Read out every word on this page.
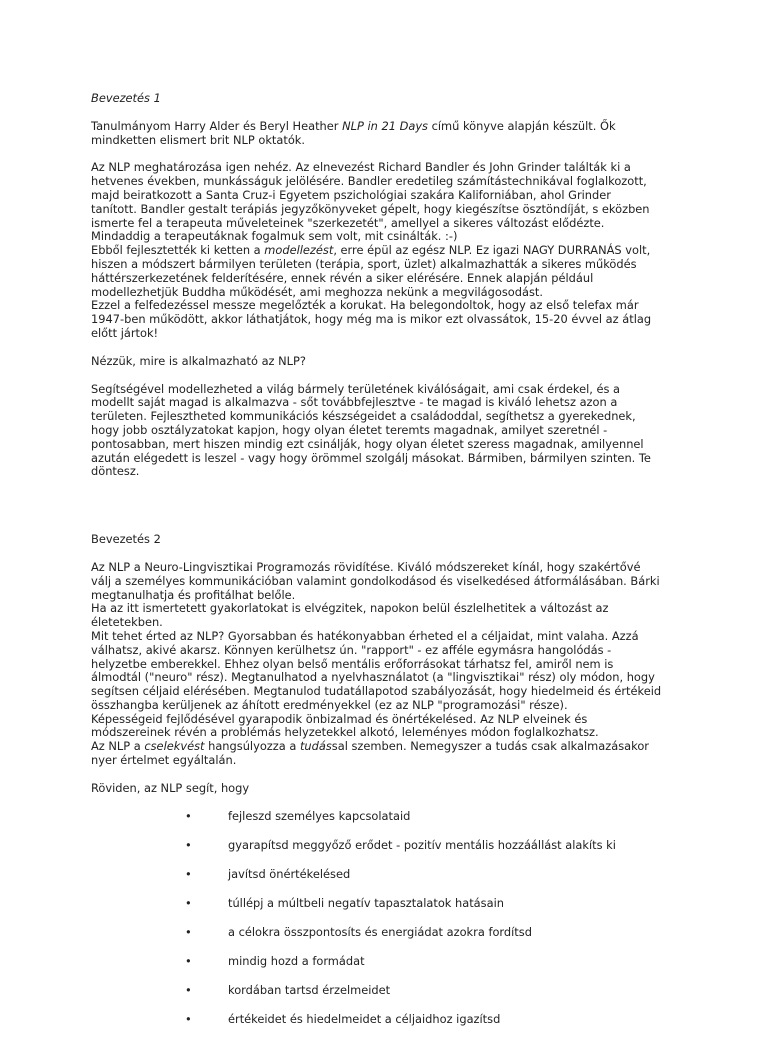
Bevezetés 1

Tanulmányom Harry Alder és Beryl Heather NLP in 21 Days című könyve alapján készült. Ők
mindketten elismert brit NLP oktatók.

Az NLP meghatározása igen nehéz. Az elnevezést Richard Bandler és John Grinder találták ki a
hetvenes években, munkásságuk jelölésére. Bandler eredetileg számítástechnikával foglalkozott,
majd beiratkozott a Santa Cruz-i Egyetem pszichológiai szakára Kaliforniában, ahol Grinder
tanított. Bandler gestalt terápiás jegyzőkönyveket gépelt, hogy kiegészítse ösztöndíját, s eközben
ismerte fel a terapeuta műveleteinek "szerkezetét", amellyel a sikeres változást elődézte.
Mindaddig a terapeutáknak fogalmuk sem volt, mit csinálták. :-)
Ebből fejlesztették ki ketten a modellezést, erre épül az egész NLP. Ez igazi NAGY DURRANÁS volt,
hiszen a módszert bármilyen területen (terápia, sport, üzlet) alkalmazhatták a sikeres működés
háttérszerkezetének felderítésére, ennek révén a siker elérésére. Ennek alapján például
modellezhetjük Buddha működését, ami meghozza nekünk a megvilágosodást.
Ezzel a felfedezéssel messze megelőzték a korukat. Ha belegondoltok, hogy az első telefax már
1947-ben működött, akkor láthatjátok, hogy még ma is mikor ezt olvassátok, 15-20 évvel az átlag
előtt jártok!

Nézzük, mire is alkalmazható az NLP?

Segítségével modellezheted a világ bármely területének kiválóságait, ami csak érdekel, és a
modellt saját magad is alkalmazva - sőt továbbfejlesztve - te magad is kiváló lehetsz azon a
területen. Fejlesztheted kommunikációs készségeidet a családoddal, segíthetsz a gyerekednek,
hogy jobb osztályzatokat kapjon, hogy olyan életet teremts magadnak, amilyet szeretnél -
pontosabban, mert hiszen mindig ezt csinálják, hogy olyan életet szeress magadnak, amilyennel
azután elégedett is leszel - vagy hogy örömmel szolgálj másokat. Bármiben, bármilyen szinten. Te
döntesz.

Bevezetés 2

Az NLP a Neuro-Lingvisztikai Programozás rövidítése. Kiváló módszereket kínál, hogy szakértővé
válj a személyes kommunikációban valamint gondolkodásod és viselkedésed átformálásában. Bárki
megtanulhatja és profitálhat belőle.
Ha az itt ismertetett gyakorlatokat is elvégzitek, napokon belül észlelhetitek a változást az
életetekben.
Mit tehet érted az NLP? Gyorsabban és hatékonyabban érheted el a céljaidat, mint valaha. Azzá
válhatsz, akivé akarsz. Könnyen kerülhetsz ún. "rapport" - ez afféle egymásra hangolódás -
helyzetbe emberekkel. Ehhez olyan belső mentális erőforrásokat tárhatsz fel, amiről nem is
álmodtál ("neuro" rész). Megtanulhatod a nyelvhasználatot (a "lingvisztikai" rész) oly módon, hogy
segítsen céljaid elérésében. Megtanulod tudatállapotod szabályozását, hogy hiedelmeid és értékeid
összhangba kerüljenek az áhított eredményekkel (ez az NLP "programozási" része).
Képességeid fejlődésével gyarapodik önbizalmad és önértékelésed. Az NLP elveinek és
módszereinek révén a problémás helyzetekkel alkotó, leleményes módon foglalkozhatsz.
Az NLP a cselekvést hangsúlyozza a tudással szemben. Nemegyszer a tudás csak alkalmazásakor
nyer értelmet egyáltalán.

Röviden, az NLP segít, hogy

•	fejleszd személyes kapcsolataid
•	gyarapítsd meggyőző erődet - pozitív mentális hozzáállást alakíts ki
•	javítsd önértékelésed
•	túllépj a múltbeli negatív tapasztalatok hatásain
•	a célokra összpontosíts és energiádat azokra fordítsd
•	mindig hozd a formádat
•	kordában tartsd érzelmeidet
•	értékeidet és hiedelmeidet a céljaidhoz igazítsd
